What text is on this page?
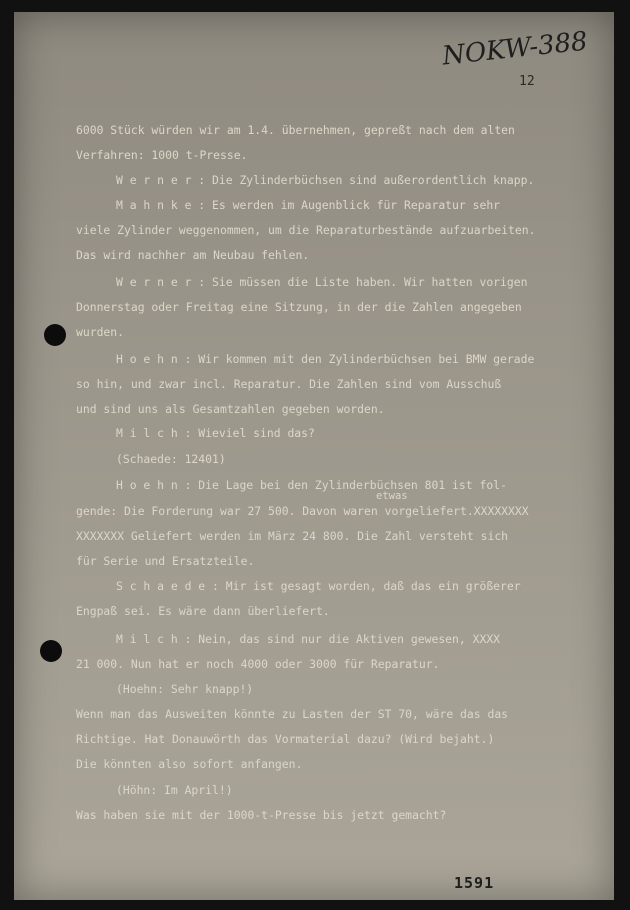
NOKW-388
12
6000 Stück würden wir am 1.4. übernehmen, gepreßt nach dem alten
Verfahren: 1000 t-Presse.
W e r n e r : Die Zylinderbüchsen sind außerordentlich knapp.
M a h n k e : Es werden im Augenblick für Reparatur sehr
viele Zylinder weggenommen, um die Reparaturbestände aufzuarbeiten.
Das wird nachher am Neubau fehlen.
W e r n e r : Sie müssen die Liste haben. Wir hatten vorigen
Donnerstag oder Freitag eine Sitzung, in der die Zahlen angegeben
wurden.
H o e h n : Wir kommen mit den Zylinderbüchsen bei BMW gerade
so hin, und zwar incl. Reparatur. Die Zahlen sind vom Ausschuß
und sind uns als Gesamtzahlen gegeben worden.
M i l c h : Wieviel sind das?
(Schaede: 12401)
H o e h n : Die Lage bei den Zylinderbüchsen 801 ist fol-
etwas
gende: Die Forderung war 27 500. Davon waren vorgeliefert.XXXXXXXX
XXXXXXX Geliefert werden im März 24 800. Die Zahl versteht sich
für Serie und Ersatzteile.
S c h a e d e : Mir ist gesagt worden, daß das ein größerer
Engpaß sei. Es wäre dann überliefert.
M i l c h : Nein, das sind nur die Aktiven gewesen, XXXX
21 000. Nun hat er noch 4000 oder 3000 für Reparatur.
(Hoehn: Sehr knapp!)
Wenn man das Ausweiten könnte zu Lasten der ST 70, wäre das das
Richtige. Hat Donauwörth das Vormaterial dazu? (Wird bejaht.)
Die könnten also sofort anfangen.
(Höhn: Im April!)
Was haben sie mit der 1000-t-Presse bis jetzt gemacht?
1591
